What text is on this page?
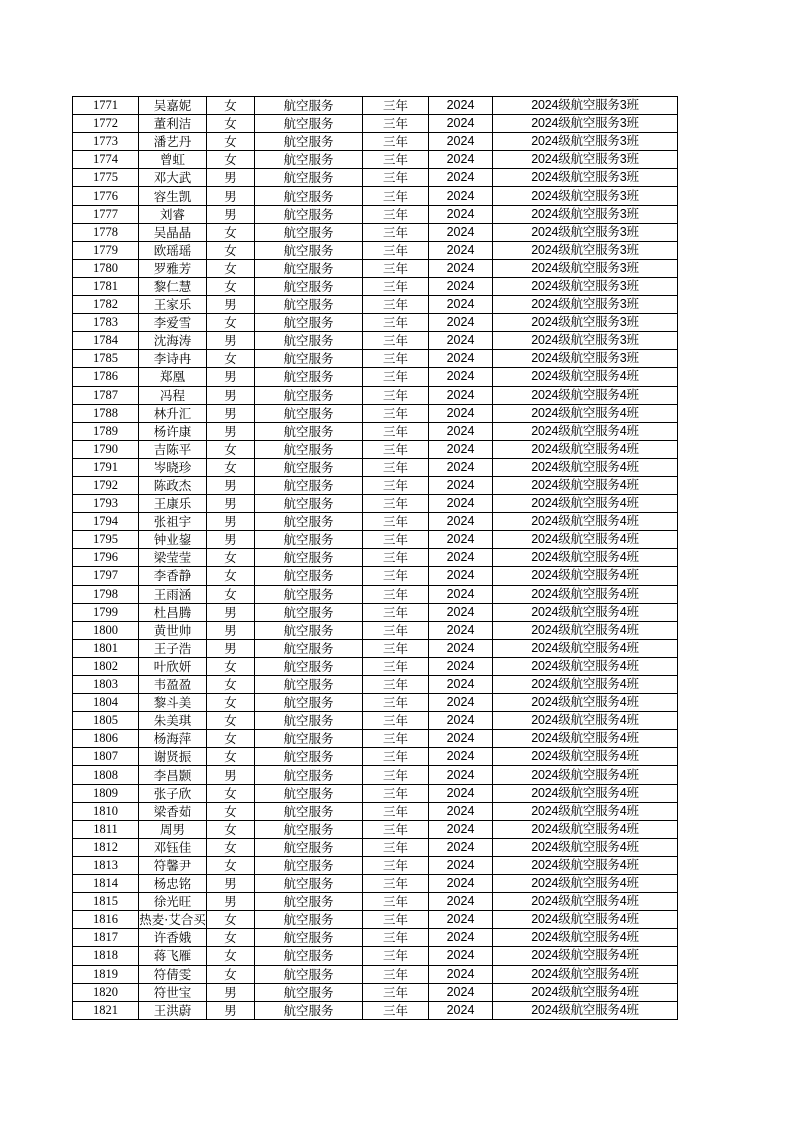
1771	吴嘉妮	女	航空服务	三年	2024	2024级航空服务3班
1772	董利洁	女	航空服务	三年	2024	2024级航空服务3班
1773	潘艺丹	女	航空服务	三年	2024	2024级航空服务3班
1774	曾虹	女	航空服务	三年	2024	2024级航空服务3班
1775	邓大武	男	航空服务	三年	2024	2024级航空服务3班
1776	容生凯	男	航空服务	三年	2024	2024级航空服务3班
1777	刘睿	男	航空服务	三年	2024	2024级航空服务3班
1778	吴晶晶	女	航空服务	三年	2024	2024级航空服务3班
1779	欧瑶瑶	女	航空服务	三年	2024	2024级航空服务3班
1780	罗雅芳	女	航空服务	三年	2024	2024级航空服务3班
1781	黎仁慧	女	航空服务	三年	2024	2024级航空服务3班
1782	王家乐	男	航空服务	三年	2024	2024级航空服务3班
1783	李爱雪	女	航空服务	三年	2024	2024级航空服务3班
1784	沈海涛	男	航空服务	三年	2024	2024级航空服务3班
1785	李诗冉	女	航空服务	三年	2024	2024级航空服务3班
1786	郑凰	男	航空服务	三年	2024	2024级航空服务4班
1787	冯程	男	航空服务	三年	2024	2024级航空服务4班
1788	林升汇	男	航空服务	三年	2024	2024级航空服务4班
1789	杨许康	男	航空服务	三年	2024	2024级航空服务4班
1790	吉陈平	女	航空服务	三年	2024	2024级航空服务4班
1791	岑晓珍	女	航空服务	三年	2024	2024级航空服务4班
1792	陈政杰	男	航空服务	三年	2024	2024级航空服务4班
1793	王康乐	男	航空服务	三年	2024	2024级航空服务4班
1794	张祖宇	男	航空服务	三年	2024	2024级航空服务4班
1795	钟业鋆	男	航空服务	三年	2024	2024级航空服务4班
1796	梁莹莹	女	航空服务	三年	2024	2024级航空服务4班
1797	李香静	女	航空服务	三年	2024	2024级航空服务4班
1798	王雨涵	女	航空服务	三年	2024	2024级航空服务4班
1799	杜昌腾	男	航空服务	三年	2024	2024级航空服务4班
1800	黄世帅	男	航空服务	三年	2024	2024级航空服务4班
1801	王子浩	男	航空服务	三年	2024	2024级航空服务4班
1802	叶欣妍	女	航空服务	三年	2024	2024级航空服务4班
1803	韦盈盈	女	航空服务	三年	2024	2024级航空服务4班
1804	黎斗美	女	航空服务	三年	2024	2024级航空服务4班
1805	朱美琪	女	航空服务	三年	2024	2024级航空服务4班
1806	杨海萍	女	航空服务	三年	2024	2024级航空服务4班
1807	谢贤振	女	航空服务	三年	2024	2024级航空服务4班
1808	李昌颢	男	航空服务	三年	2024	2024级航空服务4班
1809	张子欣	女	航空服务	三年	2024	2024级航空服务4班
1810	梁香茹	女	航空服务	三年	2024	2024级航空服务4班
1811	周男	女	航空服务	三年	2024	2024级航空服务4班
1812	邓钰佳	女	航空服务	三年	2024	2024级航空服务4班
1813	符馨尹	女	航空服务	三年	2024	2024级航空服务4班
1814	杨忠铭	男	航空服务	三年	2024	2024级航空服务4班
1815	徐光旺	男	航空服务	三年	2024	2024级航空服务4班
1816	热麦·艾合买	女	航空服务	三年	2024	2024级航空服务4班
1817	许香娥	女	航空服务	三年	2024	2024级航空服务4班
1818	蒋飞雁	女	航空服务	三年	2024	2024级航空服务4班
1819	符倩雯	女	航空服务	三年	2024	2024级航空服务4班
1820	符世宝	男	航空服务	三年	2024	2024级航空服务4班
1821	王洪蔚	男	航空服务	三年	2024	2024级航空服务4班
